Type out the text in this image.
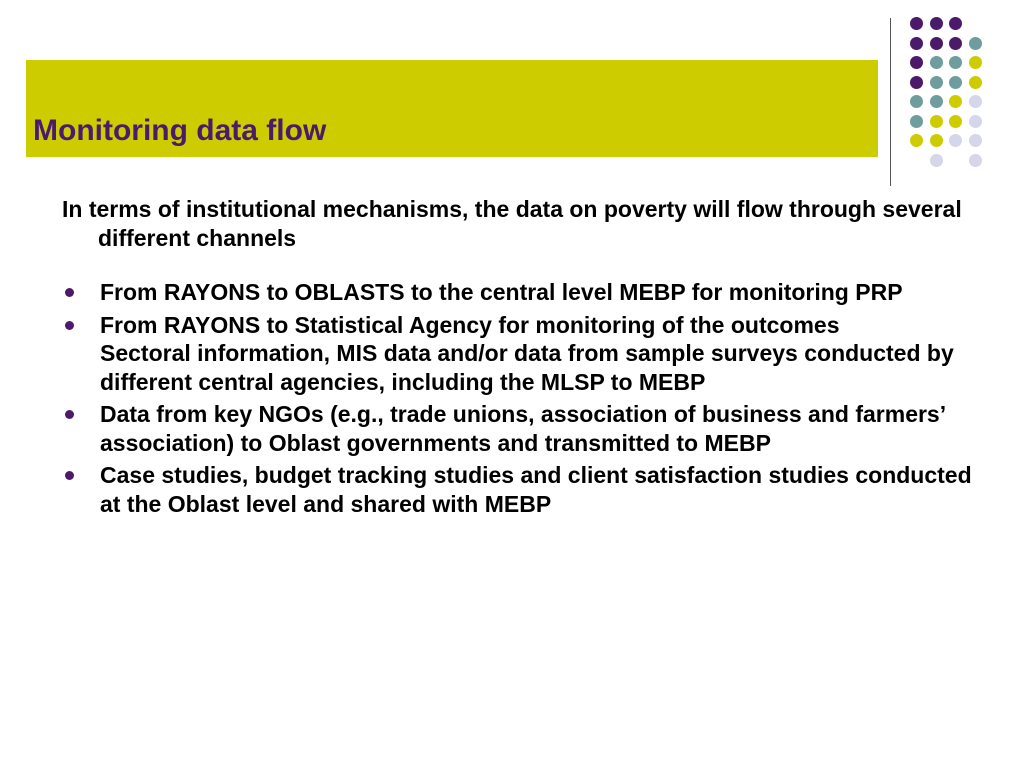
Monitoring data flow

In terms of institutional mechanisms, the data on poverty will flow through several different channels

From RAYONS to OBLASTS to the central level MEBP for monitoring PRP
From RAYONS to Statistical Agency for monitoring of the outcomes
Sectoral information, MIS data and/or data from sample surveys conducted by different central agencies, including the MLSP to MEBP
Data from key NGOs (e.g., trade unions, association of business and farmers’ association) to Oblast governments and transmitted to MEBP
Case studies, budget tracking studies and client satisfaction studies conducted at the Oblast level and shared with MEBP
